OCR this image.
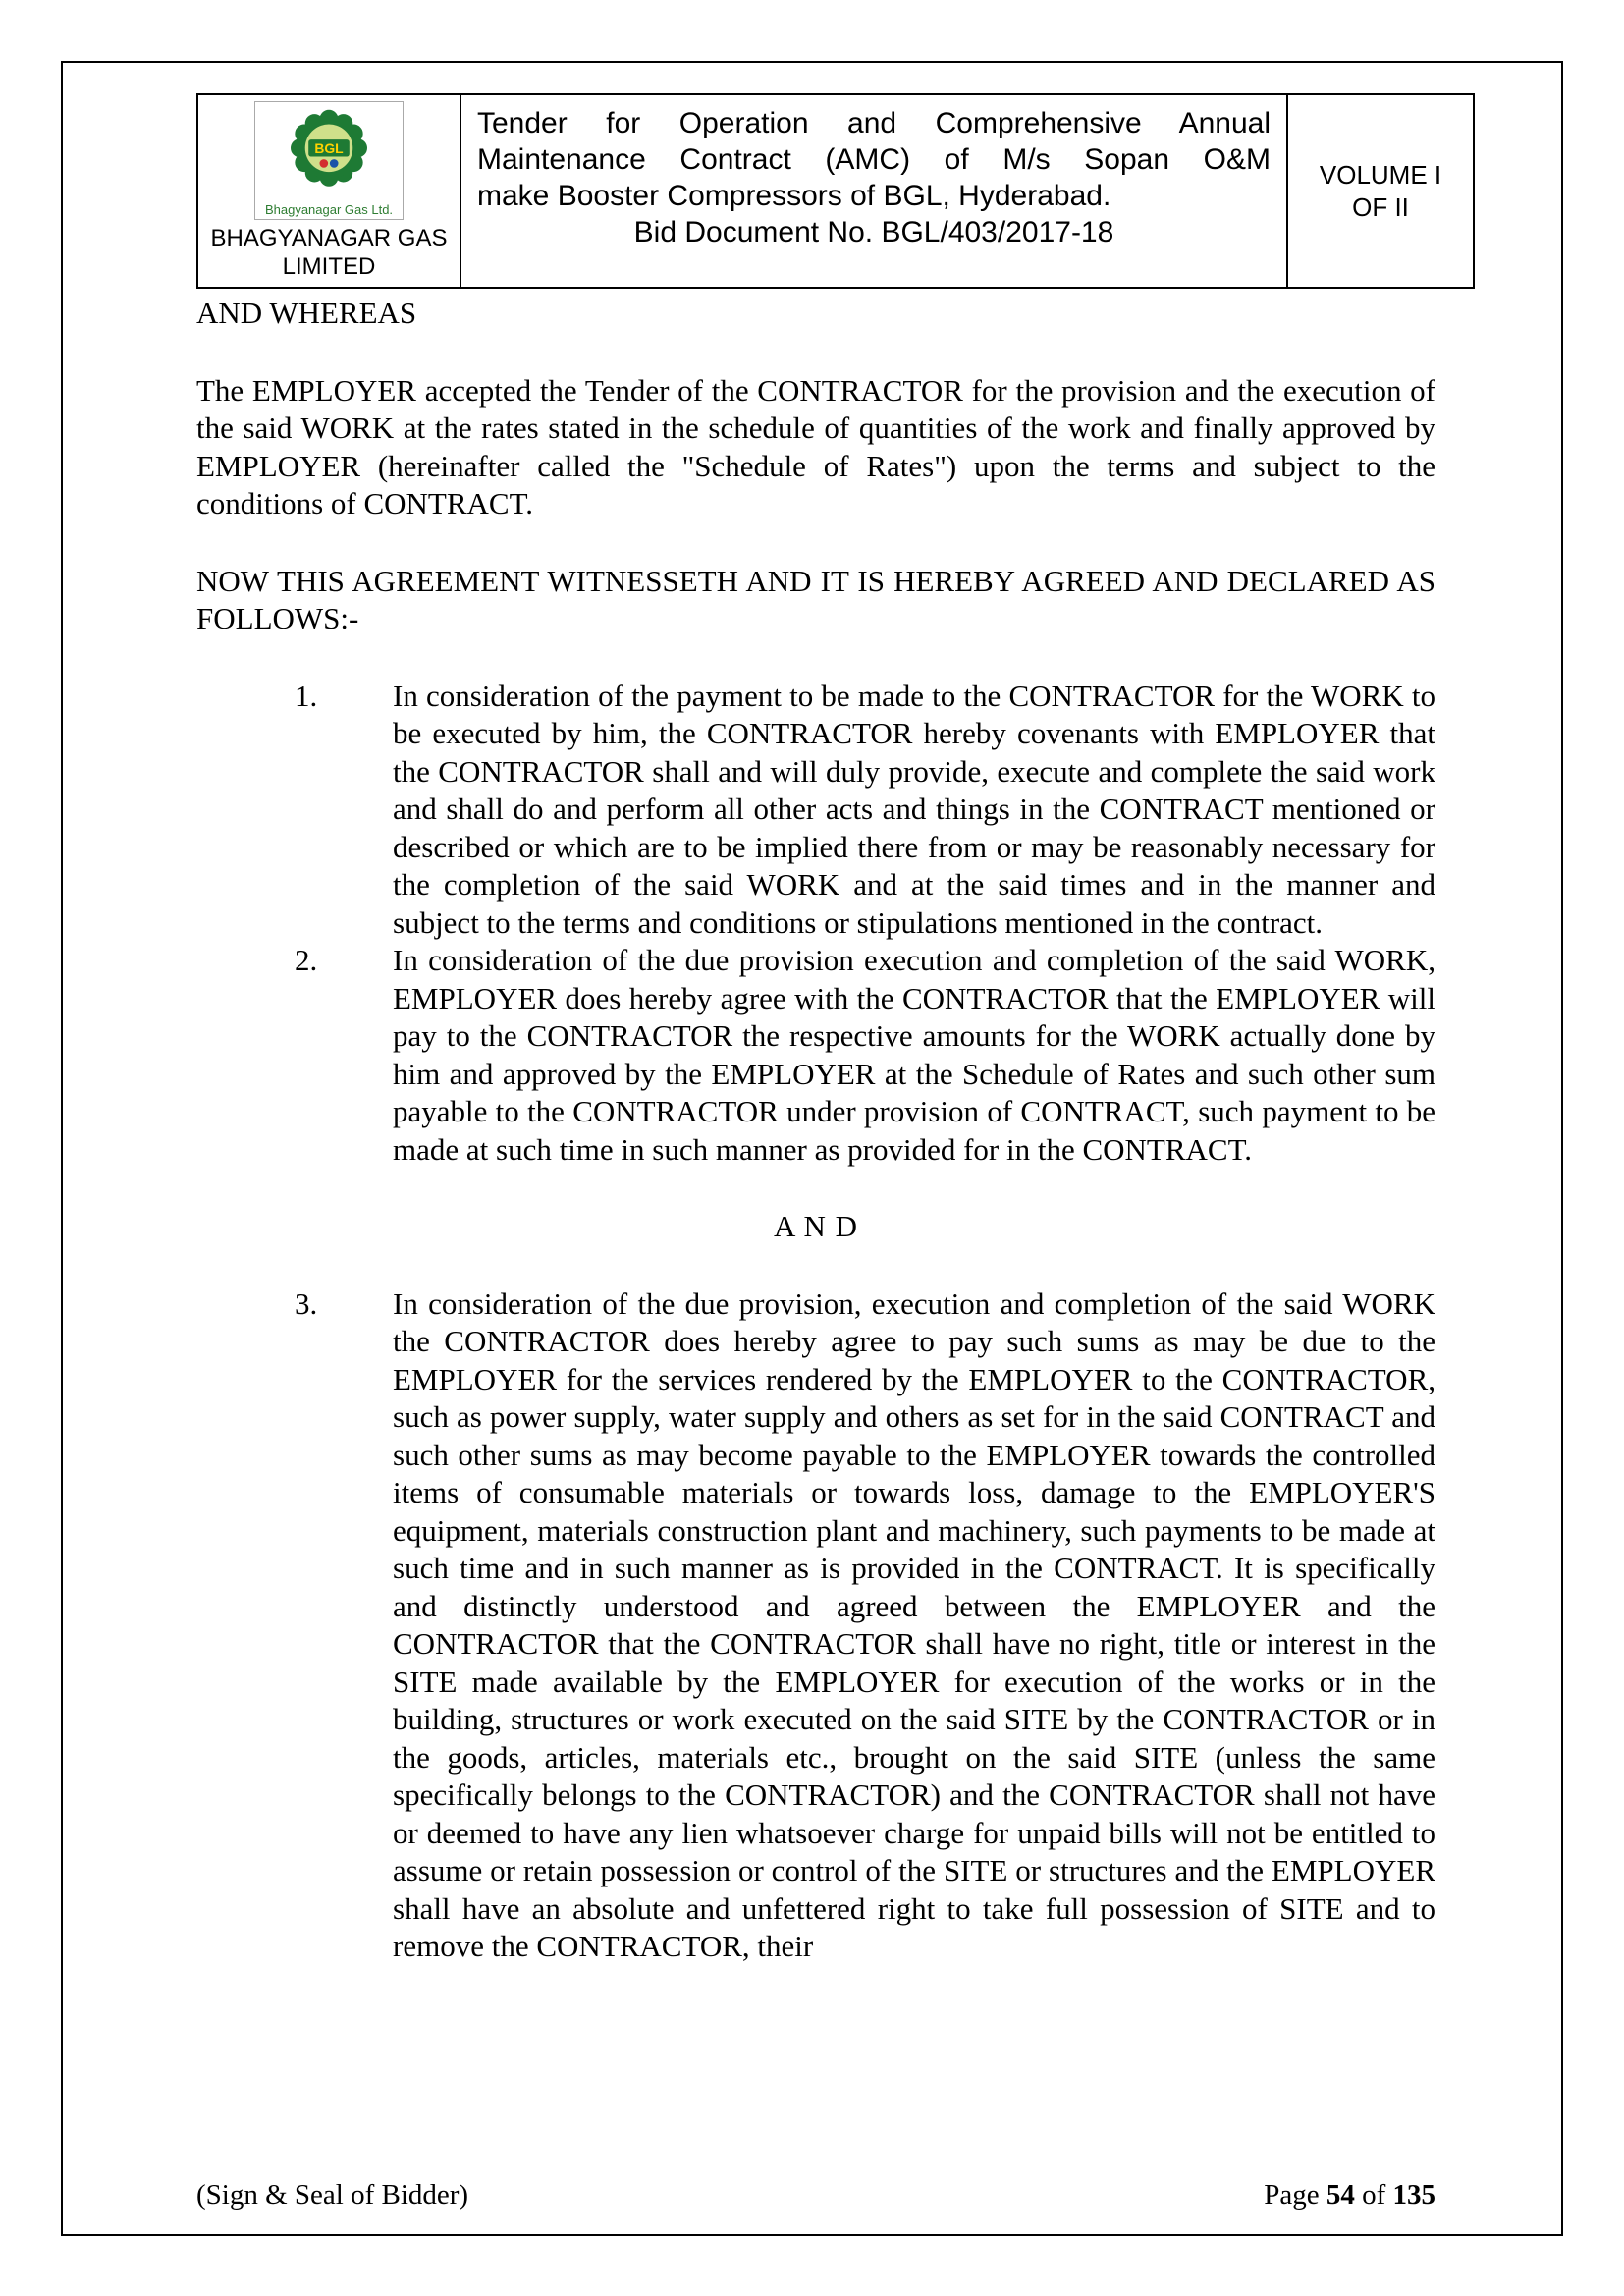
BGL
Bhagyanagar Gas Ltd.
BHAGYANAGAR GAS
LIMITED
Tender for Operation and Comprehensive Annual
Maintenance Contract (AMC) of M/s Sopan O&M
make Booster Compressors of BGL, Hyderabad.
Bid Document No. BGL/403/2017-18
VOLUME I
OF II
AND WHEREAS
The EMPLOYER accepted the Tender of the CONTRACTOR for the provision and the execution of the said WORK at the rates stated in the schedule of quantities of the work and finally approved by EMPLOYER (hereinafter called the "Schedule of Rates") upon the terms and subject to the conditions of CONTRACT.
NOW THIS AGREEMENT WITNESSETH AND IT IS HEREBY AGREED AND DECLARED AS FOLLOWS:-
1.	In consideration of the payment to be made to the CONTRACTOR for the WORK to be executed by him, the CONTRACTOR hereby covenants with EMPLOYER that the CONTRACTOR shall and will duly provide, execute and complete the said work and shall do and perform all other acts and things in the CONTRACT mentioned or described or which are to be implied there from or may be reasonably necessary for the completion of the said WORK and at the said times and in the manner and subject to the terms and conditions or stipulations mentioned in the contract.
2.	In consideration of the due provision execution and completion of the said WORK, EMPLOYER does hereby agree with the CONTRACTOR that the EMPLOYER will pay to the CONTRACTOR the respective amounts for the WORK actually done by him and approved by the EMPLOYER at the Schedule of Rates and such other sum payable to the CONTRACTOR under provision of CONTRACT, such payment to be made at such time in such manner as provided for in the CONTRACT.
A N D
3.	In consideration of the due provision, execution and completion of the said WORK the CONTRACTOR does hereby agree to pay such sums as may be due to the EMPLOYER for the services rendered by the EMPLOYER to the CONTRACTOR, such as power supply, water supply and others as set for in the said CONTRACT and such other sums as may become payable to the EMPLOYER towards the controlled items of consumable materials or towards loss, damage to the EMPLOYER'S equipment, materials construction plant and machinery, such payments to be made at such time and in such manner as is provided in the CONTRACT. It is specifically and distinctly understood and agreed between the EMPLOYER and the CONTRACTOR that the CONTRACTOR shall have no right, title or interest in the SITE made available by the EMPLOYER for execution of the works or in the building, structures or work executed on the said SITE by the CONTRACTOR or in the goods, articles, materials etc., brought on the said SITE (unless the same specifically belongs to the CONTRACTOR) and the CONTRACTOR shall not have or deemed to have any lien whatsoever charge for unpaid bills will not be entitled to assume or retain possession or control of the SITE or structures and the EMPLOYER shall have an absolute and unfettered right to take full possession of SITE and to remove the CONTRACTOR, their
(Sign & Seal of Bidder)	Page 54 of 135
